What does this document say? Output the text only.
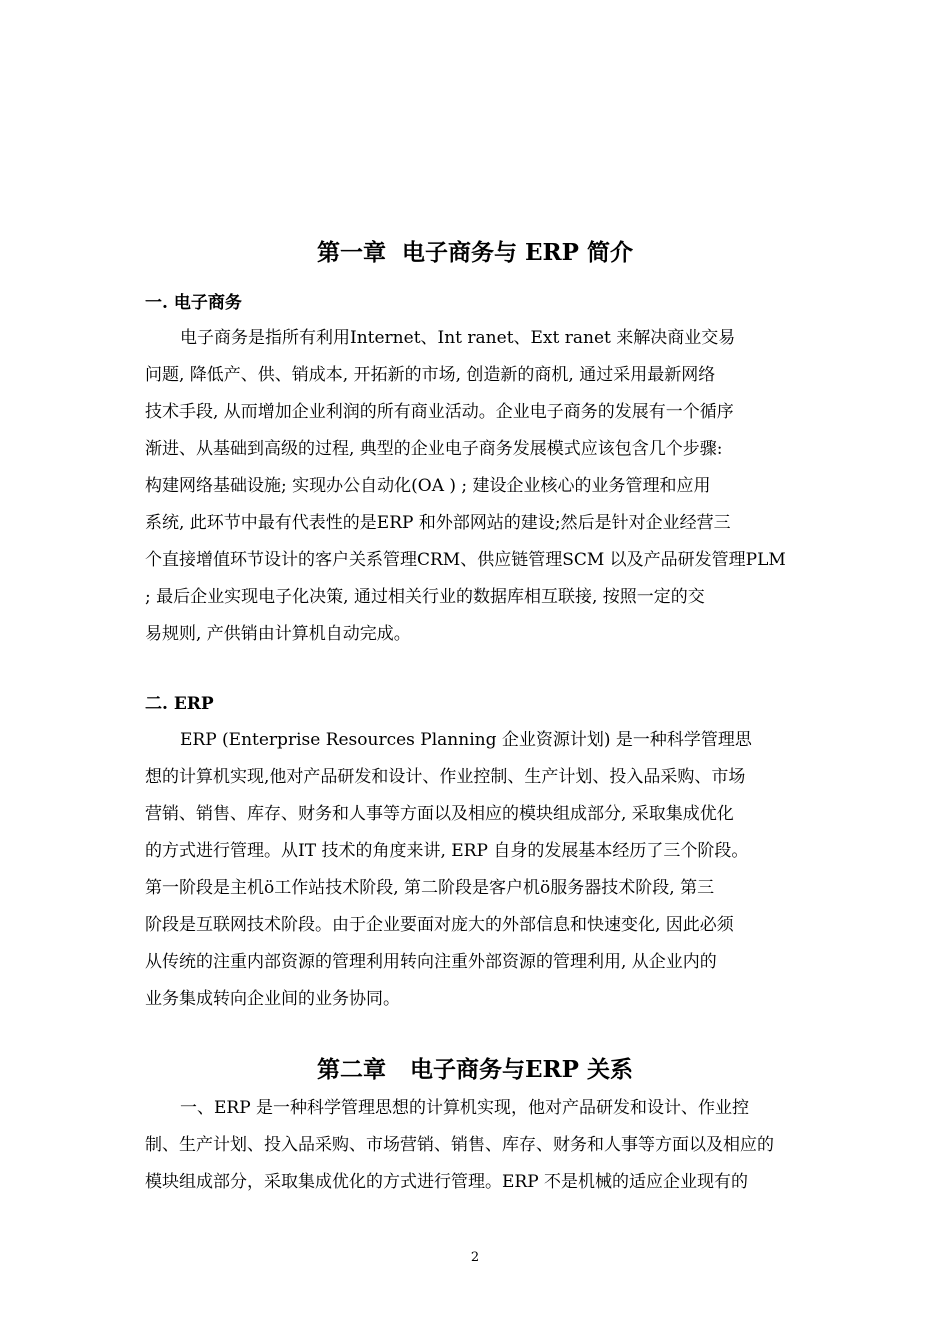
第一章  电子商务与 ERP 简介
一. 电子商务
电子商务是指所有利用Internet、Int ranet、Ext ranet 来解决商业交易
问题, 降低产、供、销成本, 开拓新的市场, 创造新的商机, 通过采用最新网络
技术手段, 从而增加企业利润的所有商业活动。企业电子商务的发展有一个循序
渐进、从基础到高级的过程, 典型的企业电子商务发展模式应该包含几个步骤:
构建网络基础设施; 实现办公自动化(OA ) ; 建设企业核心的业务管理和应用
系统, 此环节中最有代表性的是ERP 和外部网站的建设;然后是针对企业经营三
个直接增值环节设计的客户关系管理CRM、供应链管理SCM 以及产品研发管理PLM
; 最后企业实现电子化决策, 通过相关行业的数据库相互联接, 按照一定的交
易规则, 产供销由计算机自动完成。
二. ERP
ERP (Enterprise Resources Planning 企业资源计划) 是一种科学管理思
想的计算机实现,他对产品研发和设计、作业控制、生产计划、投入品采购、市场
营销、销售、库存、财务和人事等方面以及相应的模块组成部分, 采取集成优化
的方式进行管理。从IT 技术的角度来讲, ERP 自身的发展基本经历了三个阶段。
第一阶段是主机ö工作站技术阶段, 第二阶段是客户机ö服务器技术阶段, 第三
阶段是互联网技术阶段。由于企业要面对庞大的外部信息和快速变化, 因此必须
从传统的注重内部资源的管理利用转向注重外部资源的管理利用, 从企业内的
业务集成转向企业间的业务协同。
第二章   电子商务与ERP 关系
一、ERP 是一种科学管理思想的计算机实现，他对产品研发和设计、作业控
制、生产计划、投入品采购、市场营销、销售、库存、财务和人事等方面以及相应的
模块组成部分，采取集成优化的方式进行管理。ERP 不是机械的适应企业现有的
2
